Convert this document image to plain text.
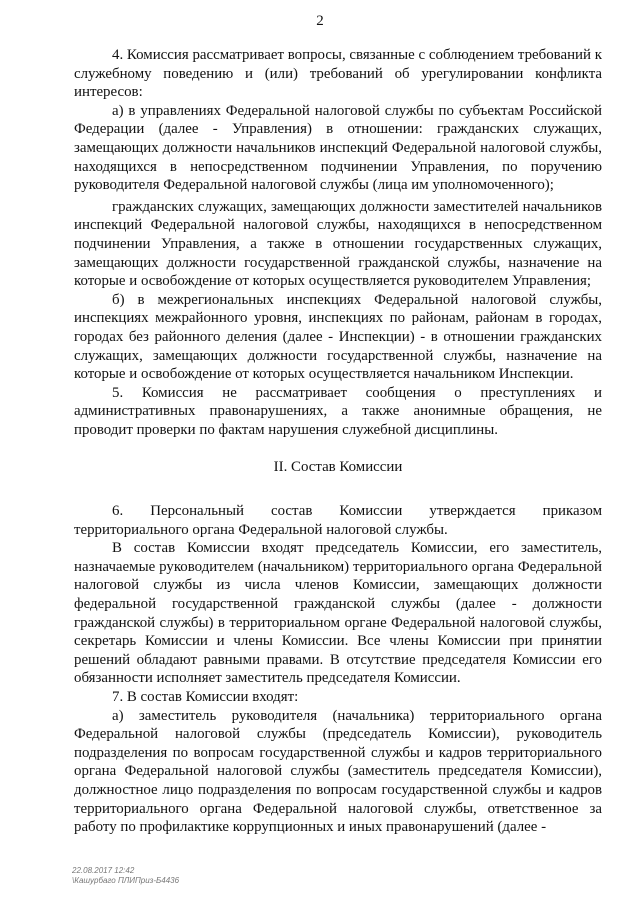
2

4. Комиссия рассматривает вопросы, связанные с соблюдением требований к служебному поведению и (или) требований об урегулировании конфликта интересов:

а) в управлениях Федеральной налоговой службы по субъектам Российской Федерации (далее - Управления) в отношении: гражданских служащих, замещающих должности начальников инспекций Федеральной налоговой службы, находящихся в непосредственном подчинении Управления, по поручению руководителя Федеральной налоговой службы (лица им уполномоченного);

гражданских служащих, замещающих должности заместителей начальников инспекций Федеральной налоговой службы, находящихся в непосредственном подчинении Управления, а также в отношении государственных служащих, замещающих должности государственной гражданской службы, назначение на которые и освобождение от которых осуществляется руководителем Управления;

б) в межрегиональных инспекциях Федеральной налоговой службы, инспекциях межрайонного уровня, инспекциях по районам, районам в городах, городах без районного деления (далее - Инспекции) - в отношении гражданских служащих, замещающих должности государственной службы, назначение на которые и освобождение от которых осуществляется начальником Инспекции.

5. Комиссия не рассматривает сообщения о преступлениях и административных правонарушениях, а также анонимные обращения, не проводит проверки по фактам нарушения служебной дисциплины.

II. Состав Комиссии

6. Персональный состав Комиссии утверждается приказом территориального органа Федеральной налоговой службы.

В состав Комиссии входят председатель Комиссии, его заместитель, назначаемые руководителем (начальником) территориального органа Федеральной налоговой службы из числа членов Комиссии, замещающих должности федеральной государственной гражданской службы (далее - должности гражданской службы) в территориальном органе Федеральной налоговой службы, секретарь Комиссии и члены Комиссии. Все члены Комиссии при принятии решений обладают равными правами. В отсутствие председателя Комиссии его обязанности исполняет заместитель председателя Комиссии.

7. В состав Комиссии входят:

а) заместитель руководителя (начальника) территориального органа Федеральной налоговой службы (председатель Комиссии), руководитель подразделения по вопросам государственной службы и кадров территориального органа Федеральной налоговой службы (заместитель председателя Комиссии), должностное лицо подразделения по вопросам государственной службы и кадров территориального органа Федеральной налоговой службы, ответственное за работу по профилактике коррупционных и иных правонарушений (далее -

22.08.2017 12:42
\Кашурбаго ПЛИПриз-Б4436
